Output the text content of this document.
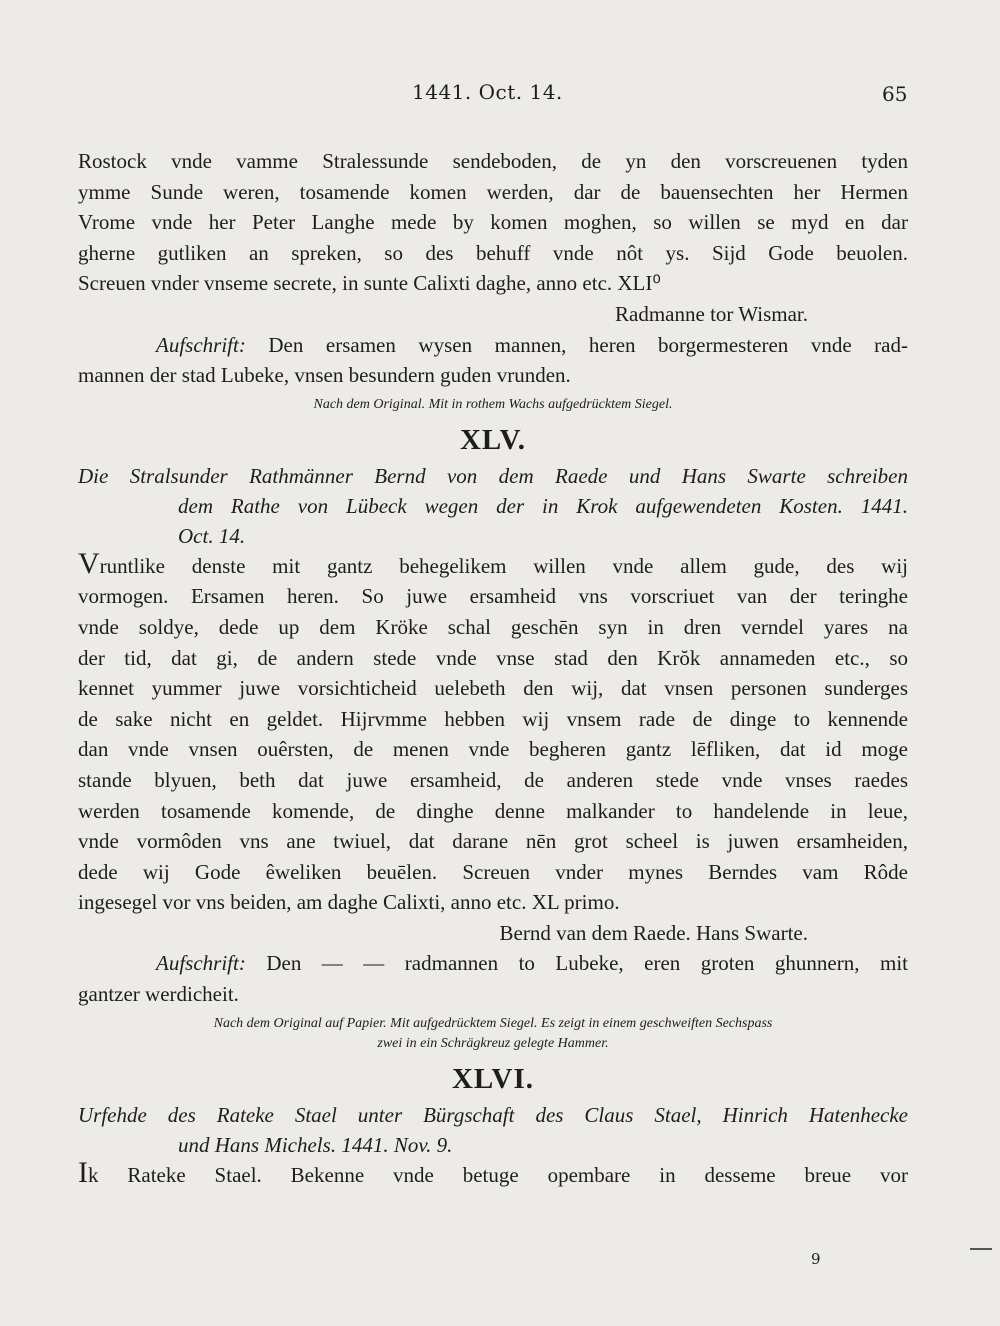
1441. Oct. 14.	65
Rostock vnde vamme Stralessunde sendeboden, de yn den vorscreuenen tyden
ymme Sunde weren, tosamende komen werden, dar de bauensechten her Hermen
Vrome vnde her Peter Langhe mede by komen moghen, so willen se myd en dar
gherne gutliken an spreken, so des behuff vnde nôt ys. Sijd Gode beuolen.
Screuen vnder vnseme secrete, in sunte Calixti daghe, anno etc. XLI⁰
Radmanne tor Wismar.
Aufschrift: Den ersamen wysen mannen, heren borgermesteren vnde rad-
mannen der stad Lubeke, vnsen besundern guden vrunden.
Nach dem Original. Mit in rothem Wachs aufgedrücktem Siegel.
XLV.
Die Stralsunder Rathmänner Bernd von dem Raede und Hans Swarte schreiben
dem Rathe von Lübeck wegen der in Krok aufgewendeten Kosten. 1441.
Oct. 14.
Vruntlike denste mit gantz behegelikem willen vnde allem gude, des wij
vormogen. Ersamen heren. So juwe ersamheid vns vorscriuet van der teringhe
vnde soldye, dede up dem Kröke schal geschēn syn in dren verndel yares na
der tid, dat gi, de andern stede vnde vnse stad den Krŏk annameden etc., so
kennet yummer juwe vorsichticheid uelebeth den wij, dat vnsen personen sunderges
de sake nicht en geldet. Hijrvmme hebben wij vnsem rade de dinge to kennende
dan vnde vnsen ouêrsten, de menen vnde begheren gantz lēfliken, dat id moge
stande blyuen, beth dat juwe ersamheid, de anderen stede vnde vnses raedes
werden tosamende komende, de dinghe denne malkander to handelende in leue,
vnde vormôden vns ane twiuel, dat darane nēn grot scheel is juwen ersamheiden,
dede wij Gode êweliken beuēlen. Screuen vnder mynes Berndes vam Rôde
ingesegel vor vns beiden, am daghe Calixti, anno etc. XL primo.
Bernd van dem Raede. Hans Swarte.
Aufschrift: Den — — radmannen to Lubeke, eren groten ghunnern, mit
gantzer werdicheit.
Nach dem Original auf Papier. Mit aufgedrücktem Siegel. Es zeigt in einem geschweiften Sechspass
zwei in ein Schrägkreuz gelegte Hammer.
XLVI.
Urfehde des Rateke Stael unter Bürgschaft des Claus Stael, Hinrich Hatenhecke
und Hans Michels. 1441. Nov. 9.
Ik Rateke Stael. Bekenne vnde betuge opembare in desseme breue vor
9
